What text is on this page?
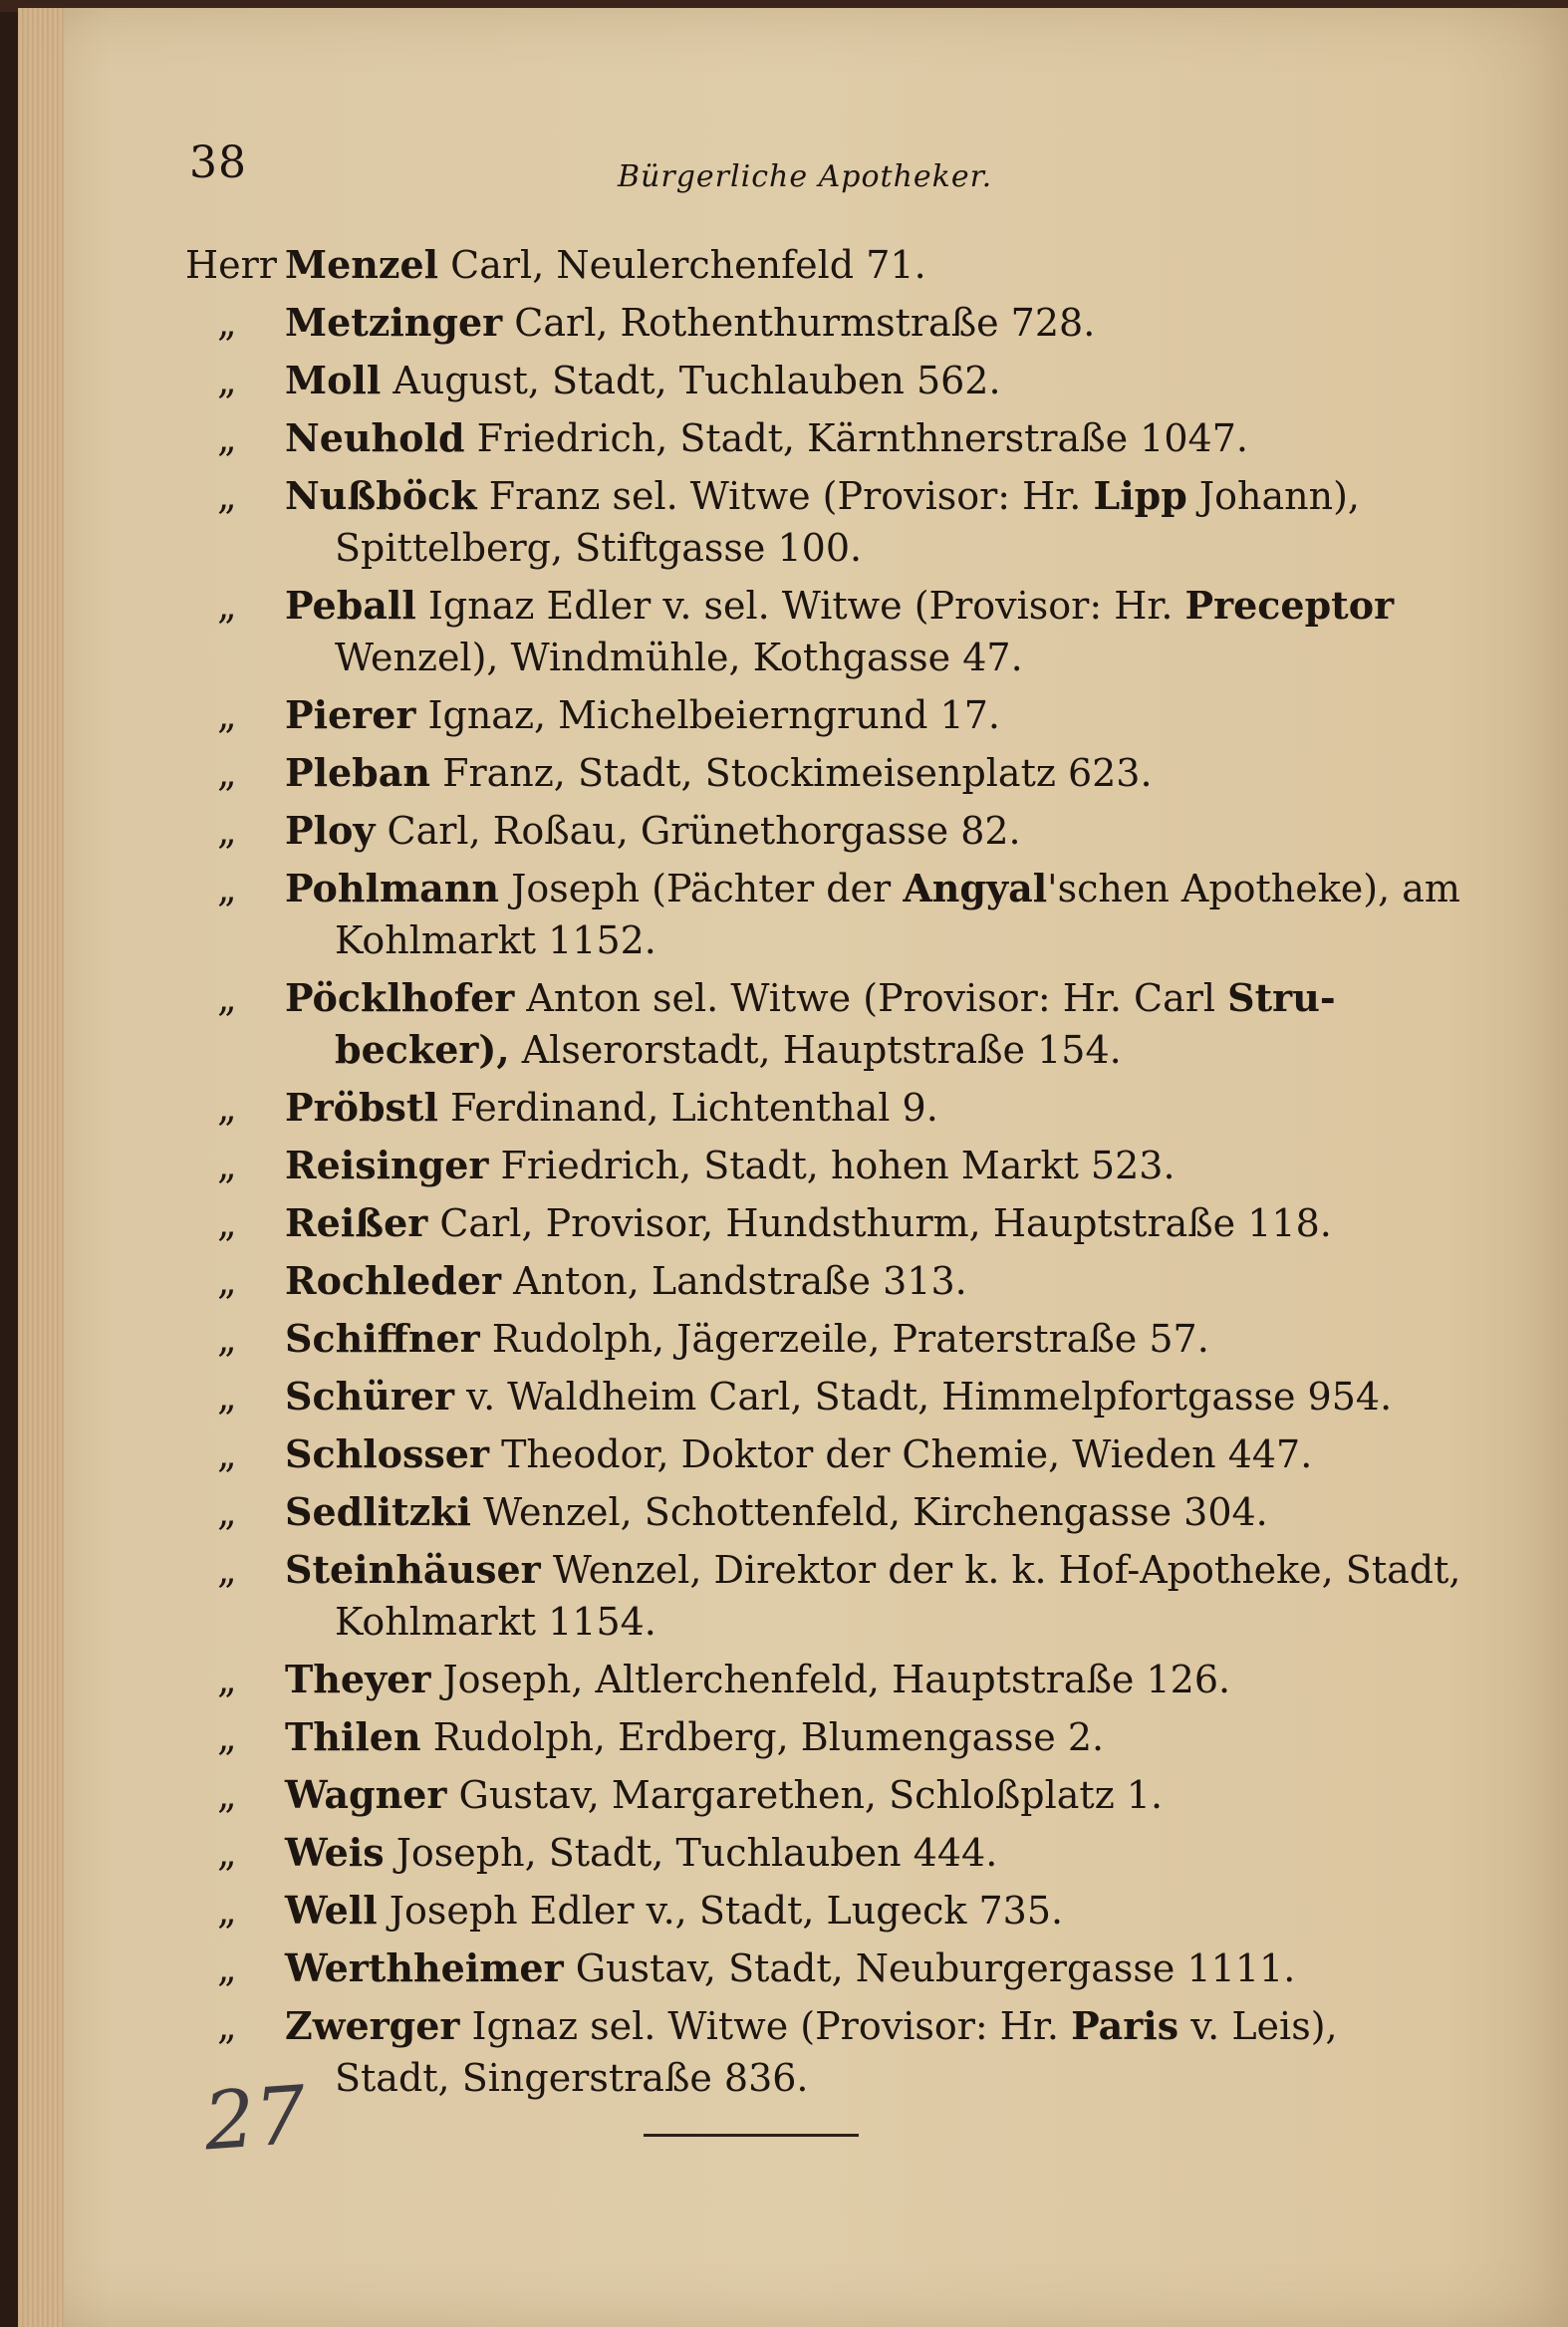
38	Bürgerliche Apotheker.
Herr Menzel Carl, Neulerchenfeld 71.
„ Metzinger Carl, Rothenthurmstraße 728.
„ Moll August, Stadt, Tuchlauben 562.
„ Neuhold Friedrich, Stadt, Kärnthnerstraße 1047.
„ Nußböck Franz sel. Witwe (Provisor: Hr. Lipp Johann),
Spittelberg, Stiftgasse 100.
„ Peball Ignaz Edler v. sel. Witwe (Provisor: Hr. Preceptor
Wenzel), Windmühle, Kothgasse 47.
„ Pierer Ignaz, Michelbeierngrund 17.
„ Pleban Franz, Stadt, Stockimeisenplatz 623.
„ Ploy Carl, Roßau, Grünethorgasse 82.
„ Pohlmann Joseph (Pächter der Angyal'schen Apotheke), am
Kohlmarkt 1152.
„ Pöcklhofer Anton sel. Witwe (Provisor: Hr. Carl Stru-
becker), Alserorstadt, Hauptstraße 154.
„ Pröbstl Ferdinand, Lichtenthal 9.
„ Reisinger Friedrich, Stadt, hohen Markt 523.
„ Reißer Carl, Provisor, Hundsthurm, Hauptstraße 118.
„ Rochleder Anton, Landstraße 313.
„ Schiffner Rudolph, Jägerzeile, Praterstraße 57.
„ Schürer v. Waldheim Carl, Stadt, Himmelpfortgasse 954.
„ Schlosser Theodor, Doktor der Chemie, Wieden 447.
„ Sedlitzki Wenzel, Schottenfeld, Kirchengasse 304.
„ Steinhäuser Wenzel, Direktor der k. k. Hof-Apotheke, Stadt,
Kohlmarkt 1154.
„ Theyer Joseph, Altlerchenfeld, Hauptstraße 126.
„ Thilen Rudolph, Erdberg, Blumengasse 2.
„ Wagner Gustav, Margarethen, Schloßplatz 1.
„ Weis Joseph, Stadt, Tuchlauben 444.
„ Well Joseph Edler v., Stadt, Lugeck 735.
„ Werthheimer Gustav, Stadt, Neuburgergasse 1111.
„ Zwerger Ignaz sel. Witwe (Provisor: Hr. Paris v. Leis),
Stadt, Singerstraße 836.
27
